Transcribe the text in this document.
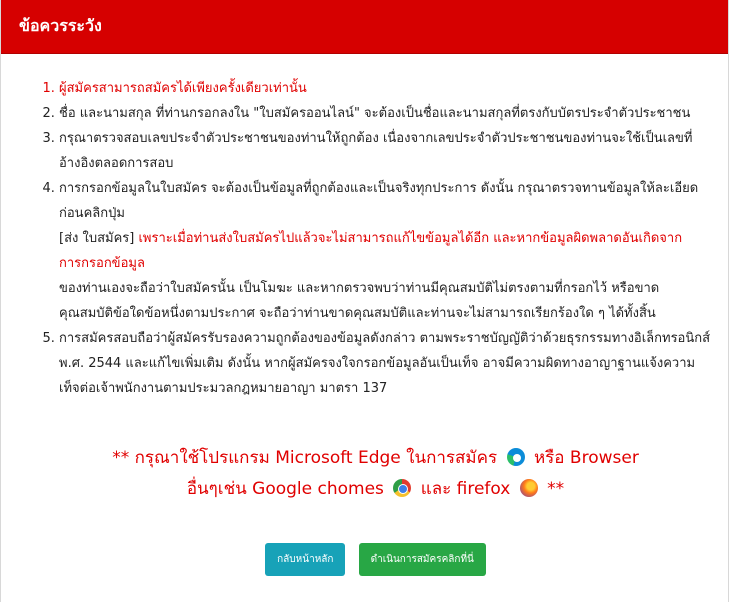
ข้อควรระวัง
1. ผู้สมัครสามารถสมัครได้เพียงครั้งเดียวเท่านั้น
2. ชื่อ และนามสกุล ที่ท่านกรอกลงใน "ใบสมัครออนไลน์" จะต้องเป็นชื่อและนามสกุลที่ตรงกับบัตรประจำตัวประชาชน
3. กรุณาตรวจสอบเลขประจำตัวประชาชนของท่านให้ถูกต้อง เนื่องจากเลขประจำตัวประชาชนของท่านจะใช้เป็นเลขที่อ้างอิงตลอดการสอบ
4. การกรอกข้อมูลในใบสมัคร จะต้องเป็นข้อมูลที่ถูกต้องและเป็นจริงทุกประการ ดังนั้น กรุณาตรวจทานข้อมูลให้ละเอียดก่อนคลิกปุ่ม
[ส่ง ใบสมัคร] เพราะเมื่อท่านส่งใบสมัครไปแล้วจะไม่สามารถแก้ไขข้อมูลได้อีก และหากข้อมูลผิดพลาดอันเกิดจากการกรอกข้อมูล
ของท่านเองจะถือว่าใบสมัครนั้น เป็นโมฆะ และหากตรวจพบว่าท่านมีคุณสมบัติไม่ตรงตามที่กรอกไว้ หรือขาดคุณสมบัติข้อใดข้อหนึ่งตามประกาศ จะถือว่าท่านขาดคุณสมบัติและท่านจะไม่สามารถเรียกร้องใด ๆ ได้ทั้งสิ้น
5. การสมัครสอบถือว่าผู้สมัครรับรองความถูกต้องของข้อมูลดังกล่าว ตามพระราชบัญญัติว่าด้วยธุรกรรมทางอิเล็กทรอนิกส์ พ.ศ. 2544 และแก้ไขเพิ่มเติม ดังนั้น หากผู้สมัครจงใจกรอกข้อมูลอันเป็นเท็จ อาจมีความผิดทางอาญาฐานแจ้งความเท็จต่อเจ้าพนักงานตามประมวลกฎหมายอาญา มาตรา 137
** กรุณาใช้โปรแกรม Microsoft Edge ในการสมัคร หรือ Browser
อื่นๆเช่น Google chomes และ firefox **
กลับหน้าหลัก	ดำเนินการสมัครคลิกที่นี่
